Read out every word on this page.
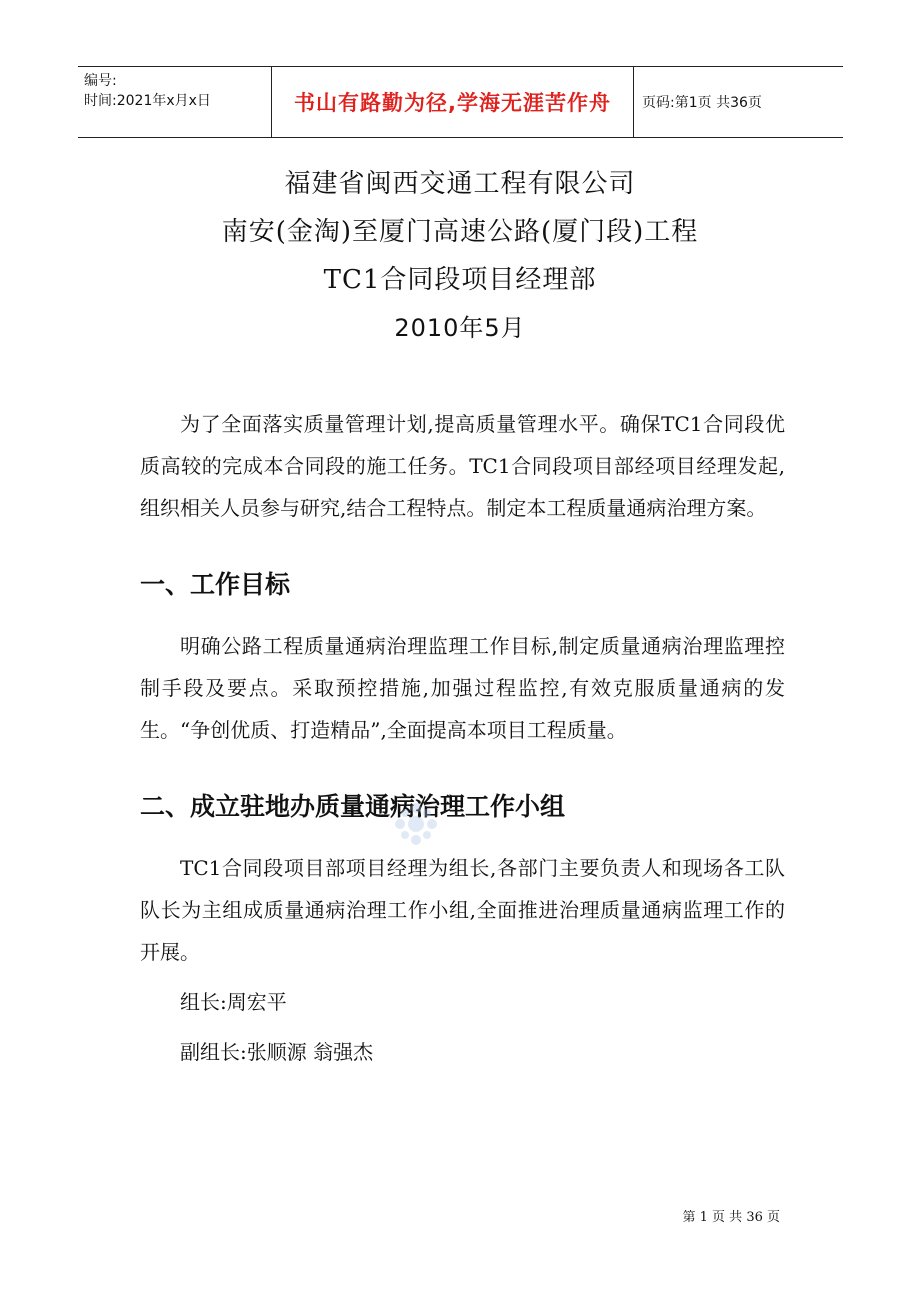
编号:
时间:2021年x月x日	书山有路勤为径,学海无涯苦作舟	页码:第1页 共36页
福建省闽西交通工程有限公司
南安(金淘)至厦门高速公路(厦门段)工程
TC1合同段项目经理部
2010年5月

为了全面落实质量管理计划,提高质量管理水平。确保TC1合同段优质高较的完成本合同段的施工任务。TC1合同段项目部经项目经理发起,组织相关人员参与研究,结合工程特点。制定本工程质量通病治理方案。

一、工作目标

明确公路工程质量通病治理监理工作目标,制定质量通病治理监理控制手段及要点。采取预控措施,加强过程监控,有效克服质量通病的发生。“争创优质、打造精品”,全面提高本项目工程质量。

二、成立驻地办质量通病治理工作小组

TC1合同段项目部项目经理为组长,各部门主要负责人和现场各工队队长为主组成质量通病治理工作小组,全面推进治理质量通病监理工作的开展。

组长:周宏平
副组长:张顺源 翁强杰
第 1 页 共 36 页
